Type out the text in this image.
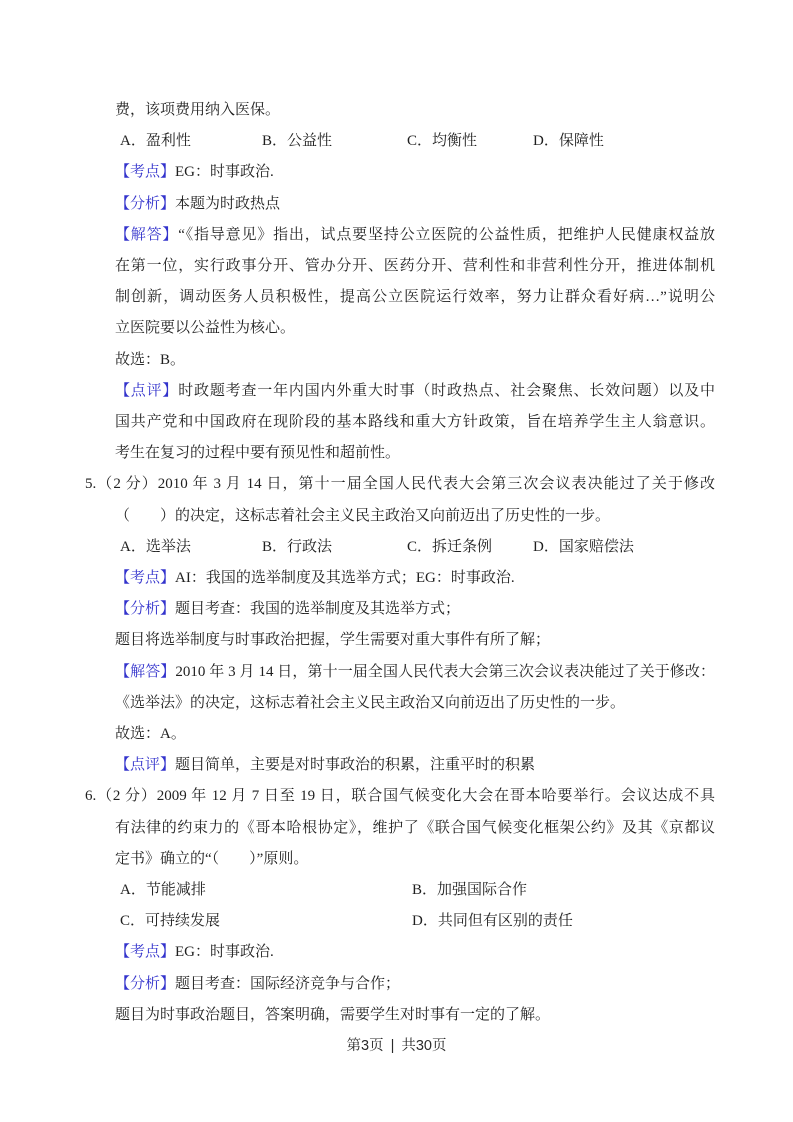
费，该项费用纳入医保。
A．盈利性	B．公益性	C．均衡性	D．保障性
【考点】EG：时事政治.
【分析】本题为时政热点
【解答】“《指导意见》指出，试点要坚持公立医院的公益性质，把维护人民健康权益放
在第一位，实行政事分开、管办分开、医药分开、营利性和非营利性分开，推进体制机
制创新，调动医务人员积极性，提高公立医院运行效率，努力让群众看好病…”说明公
立医院要以公益性为核心。
故选：B。
【点评】时政题考查一年内国内外重大时事（时政热点、社会聚焦、长效问题）以及中
国共产党和中国政府在现阶段的基本路线和重大方针政策，旨在培养学生主人翁意识。
考生在复习的过程中要有预见性和超前性。
5.（2 分）2010 年 3 月 14 日，第十一届全国人民代表大会第三次会议表决能过了关于修改
（　　）的决定，这标志着社会主义民主政治又向前迈出了历史性的一步。
A．选举法	B．行政法	C．拆迁条例	D．国家赔偿法
【考点】AI：我国的选举制度及其选举方式；EG：时事政治.
【分析】题目考查：我国的选举制度及其选举方式；
题目将选举制度与时事政治把握，学生需要对重大事件有所了解；
【解答】2010 年 3 月 14 日，第十一届全国人民代表大会第三次会议表决能过了关于修改：
《选举法》的决定，这标志着社会主义民主政治又向前迈出了历史性的一步。
故选：A。
【点评】题目简单，主要是对时事政治的积累，注重平时的积累
6.（2 分）2009 年 12 月 7 日至 19 日，联合国气候变化大会在哥本哈要举行。会议达成不具
有法律的约束力的《哥本哈根协定》，维护了《联合国气候变化框架公约》及其《京都议
定书》确立的“（　　）”原则。
A．节能减排	B．加强国际合作
C．可持续发展	D．共同但有区别的责任
【考点】EG：时事政治.
【分析】题目考查：国际经济竞争与合作；
题目为时事政治题目，答案明确，需要学生对时事有一定的了解。
第3页 | 共30页
